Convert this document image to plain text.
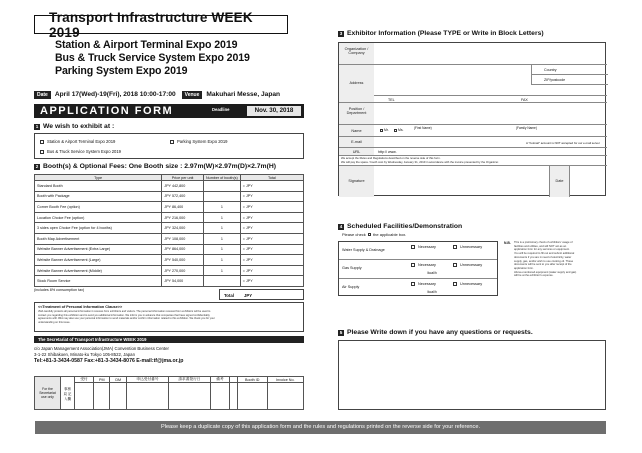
Transport Infrastructure WEEK 2019
Station & Airport Terminal Expo 2019
Bus & Truck Service System Expo 2019
Parking System Expo 2019
Date	April 17(Wed)-19(Fri), 2018 10:00-17:00	Venue	Makuhari Messe, Japan
APPLICATION FORM	Deadline	Nov. 30, 2018
1 We wish to exhibit at :
Station & Airport Terminal Expo 2019	Parking System Expo 2019
Bus & Truck Service System Expo 2019
2 Booth(s) & Optional Fees: One Booth size : 2.97m(W)×2.97m(D)×2.7m(H)
Type	Price per unit	Number of booth(s)	Total
Standard Booth	JPY 442,800		= JPY
Booth with Package	JPY 572,400		= JPY
Corner Booth Fee (option)	JPY 86,400	1	= JPY
Location Choice Fee (option)	JPY 216,000	1	= JPY
3 sides open Choice Fee (option for 4 booths)	JPY 324,000	1	= JPY
Booth Map Advertisement	JPY 108,000	1	= JPY
Website Banner Advertisement (Extra Large)	JPY 864,000	1	= JPY
Website Banner Advertisement (Large)	JPY 540,000	1	= JPY
Website Banner Advertisement (Middle)	JPY 270,000	1	= JPY
Stock Room Service	JPY 54,000		= JPY
(includes 8% consumption tax)
Total JPY
<<Treatment of Personal Information Clause>>
JMA carefully protects all personal information it receives from exhibitors and visitors. The personal information received from exhibitors will be used to
contact you regarding this exhibition and to send you additional information. We inform you in advance that companies that have signed confidentiality
agreements with JMA may also use your personal information to send materials and/or confirm information related to this exhibition. We thank you for your
understanding on this issue.
The Secretariat of Transport Infrastructure WEEK 2019
c/o Japan Management Association(JMA) Convention Business Center
3-1-22 Shibakoen, Minato-ku Tokyo 105-8522, Japan
Tel:+81-3-3434-0587 Fax:+81-3-3434-8076 E-mail:tf@jma.or.jp
For the Secretariat use only	事務局 記入欄	受付	PM	DM	申込受付番号	請求書発行日	備考		Booth ID	Invoice No.

3 Exhibitor Information (Please TYPE or Write in Block Letters)
Organization / Company
Address
Country
ZIP/postcode
TEL	FAX
Position / Department
Name	Mr.	Ms.	(First Name)	(Family Name)
E-mail	A "hotmail" account is NOT accepted for our e-mail server
URL	http:// www.
We accept the Rules and Regulations described on the reverse side of this form.
We will pay the space / booth cost by Wednesday, January 31, 2019 in accordance with the invoice presented by the Organizer.
Signature	Date
4 Scheduled Facilities/Demonstration
Please check the applicable box.
Water Supply & Drainage
Necessary	Unnecessary
Gas Supply
Necessary	Unnecessary
/kcal/h
Air Supply
Necessary	Unnecessary
/kcal/h
N.B. This is a preliminary check of exhibitors' usage of
facilities and utilities, and will NOT act as an
application form for any services or equipment.
You will be required to fill out and submit additional
documents if you are in need of electricity, water
supply, gas, and/or wish to use cooking oil. These
documents will be sent to you after receipt of the
application form.
Above-mentioned equipment (water supply and gas)
will be at the exhibitor's expense.
5 Please Write down if you have any questions or requests.
Please keep a duplicate copy of this application form and the rules and regulations printed on the reverse side for your reference.
